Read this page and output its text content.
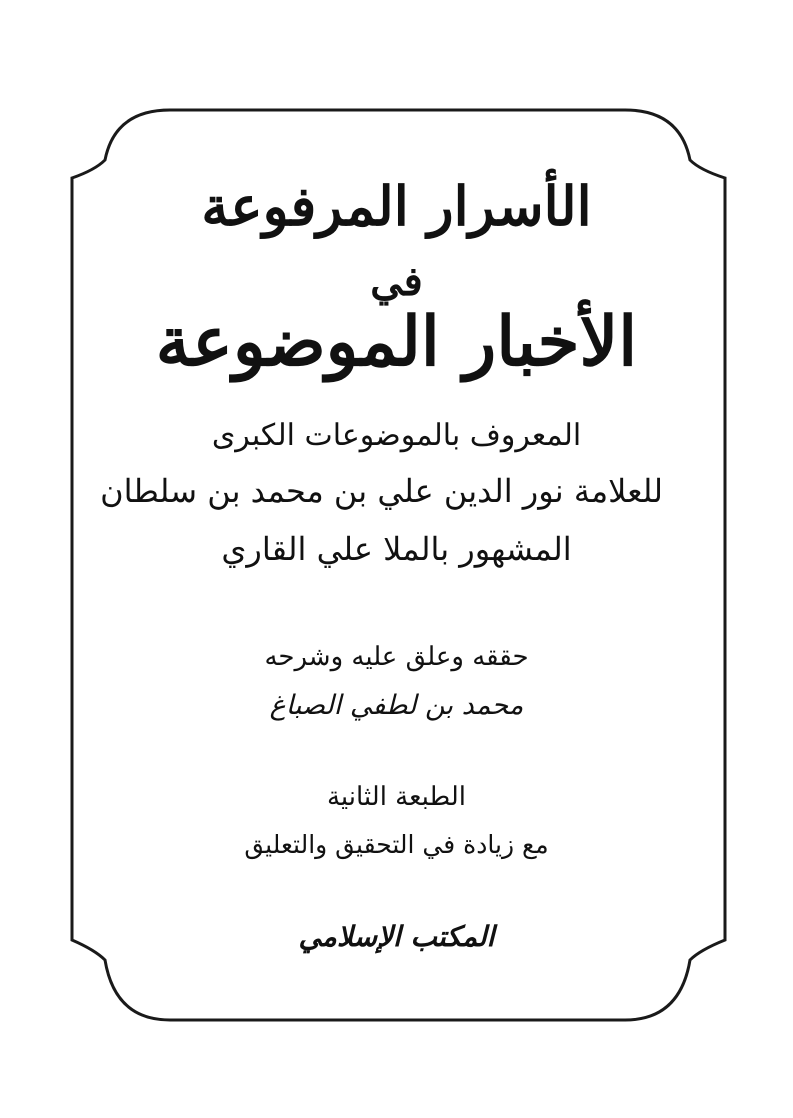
الأسرار المرفوعة
في
الأخبار الموضوعة
المعروف بالموضوعات الكبرى
للعلامة نور الدين علي بن محمد بن سلطان
المشهور بالملا علي القاري
حققه وعلق عليه وشرحه
محمد بن لطفي الصباغ
الطبعة الثانية
مع زيادة في التحقيق والتعليق
المكتب الإسلامي
